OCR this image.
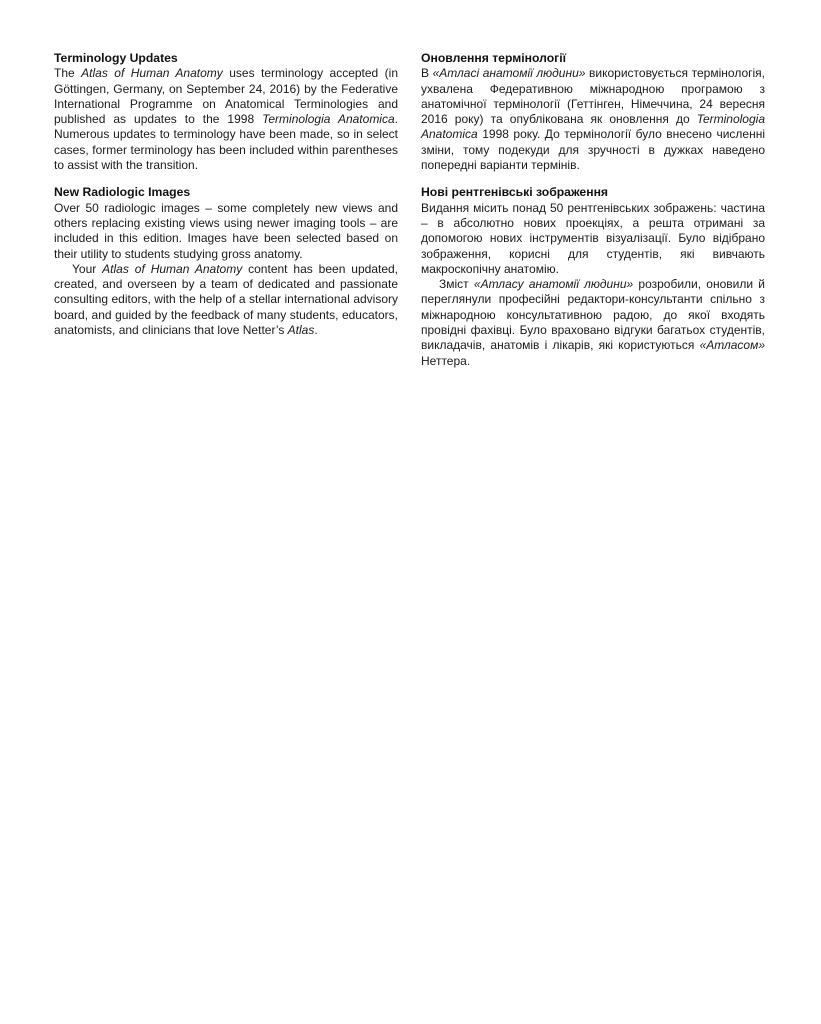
Terminology Updates

The Atlas of Human Anatomy uses terminology accepted (in Göttingen, Germany, on September 24, 2016) by the Federative International Programme on Anatomical Terminologies and published as updates to the 1998 Terminologia Anatomica. Numerous updates to terminology have been made, so in select cases, former terminology has been included within parentheses to assist with the transition.

New Radiologic Images

Over 50 radiologic images – some completely new views and others replacing existing views using newer imaging tools – are included in this edition. Images have been selected based on their utility to students studying gross anatomy.

Your Atlas of Human Anatomy content has been updated, created, and overseen by a team of dedicated and passionate consulting editors, with the help of a stellar international advisory board, and guided by the feedback of many students, educators, anatomists, and clinicians that love Netter’s Atlas.

Оновлення термінології

В «Атласі анатомії людини» використовується термінологія, ухвалена Федеративною міжнародною програмою з анатомічної термінології (Геттінген, Німеччина, 24 вересня 2016 року) та опублікована як оновлення до Terminologia Anatomica 1998 року. До термінології було внесено численні зміни, тому подекуди для зручності в дужках наведено попередні варіанти термінів.

Нові рентгенівські зображення

Видання місить понад 50 рентгенівських зображень: частина – в абсолютно нових проекціях, а решта отримані за допомогою нових інструментів візуалізації. Було відібрано зображення, корисні для студентів, які вивчають макроскопічну анатомію.

Зміст «Атласу анатомії людини» розробили, оновили й переглянули професійні редактори-консультанти спільно з міжнародною консультативною радою, до якої входять провідні фахівці. Було враховано відгуки багатьох студентів, викладачів, анатомів і лікарів, які користуються «Атласом» Неттера.
